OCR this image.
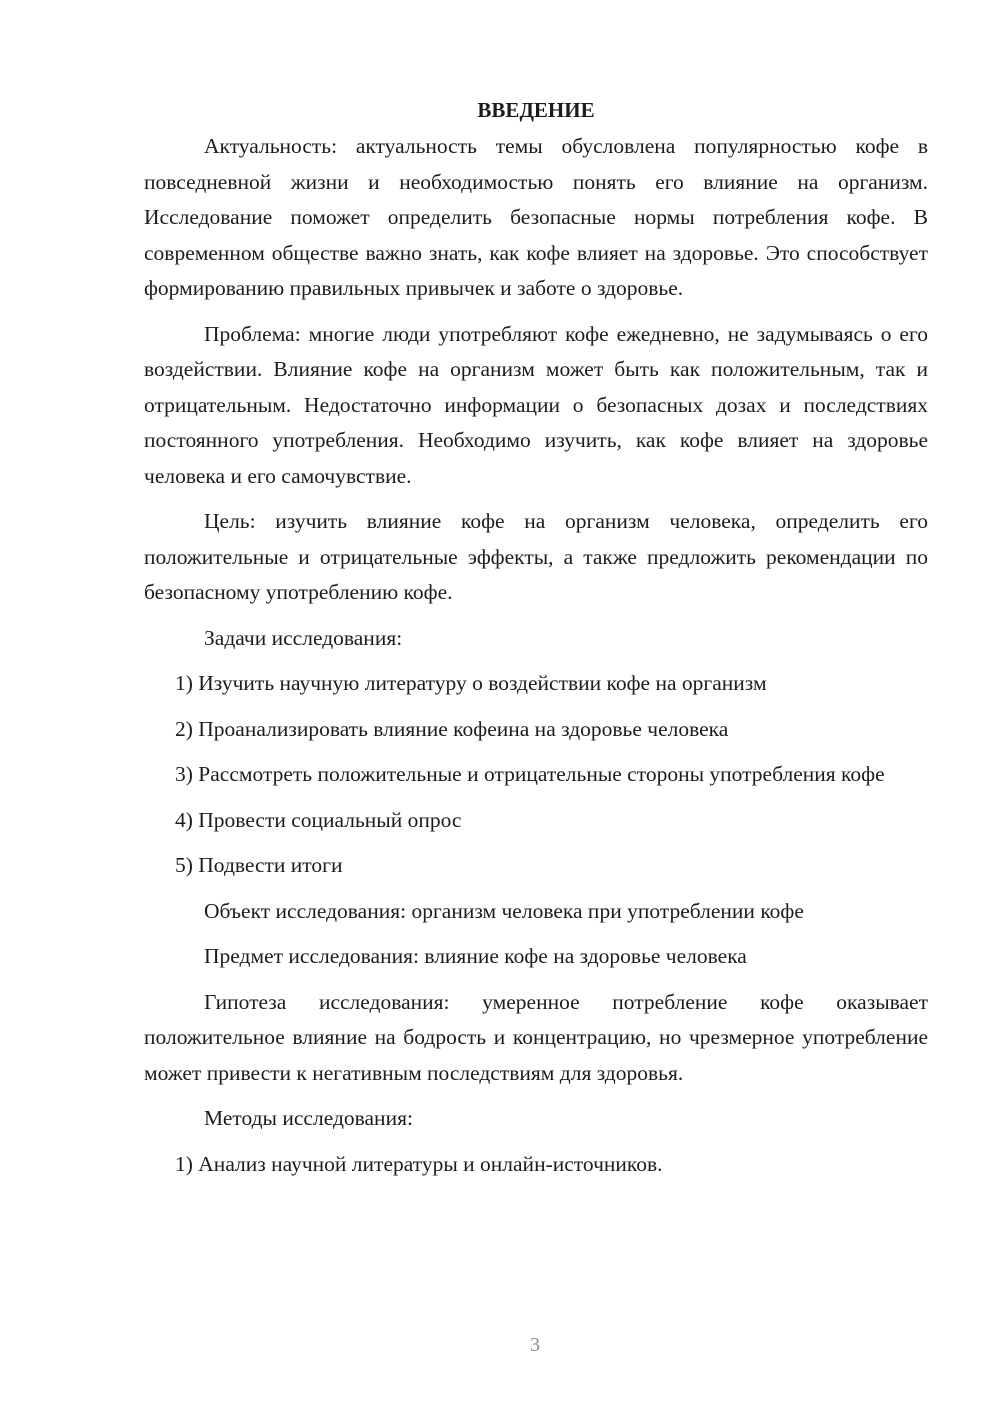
ВВЕДЕНИЕ

Актуальность: актуальность темы обусловлена популярностью кофе в повседневной жизни и необходимостью понять его влияние на организм. Исследование поможет определить безопасные нормы потребления кофе. В современном обществе важно знать, как кофе влияет на здоровье. Это способствует формированию правильных привычек и заботе о здоровье.

Проблема: многие люди употребляют кофе ежедневно, не задумываясь о его воздействии. Влияние кофе на организм может быть как положительным, так и отрицательным. Недостаточно информации о безопасных дозах и последствиях постоянного употребления. Необходимо изучить, как кофе влияет на здоровье человека и его самочувствие.

Цель: изучить влияние кофе на организм человека, определить его положительные и отрицательные эффекты, а также предложить рекомендации по безопасному употреблению кофе.

Задачи исследования:

1) Изучить научную литературу о воздействии кофе на организм

2) Проанализировать влияние кофеина на здоровье человека

3) Рассмотреть положительные и отрицательные стороны употребления кофе

4) Провести социальный опрос

5) Подвести итоги

Объект исследования: организм человека при употреблении кофе

Предмет исследования: влияние кофе на здоровье человека

Гипотеза исследования: умеренное потребление кофе оказывает положительное влияние на бодрость и концентрацию, но чрезмерное употребление может привести к негативным последствиям для здоровья.

Методы исследования:

1) Анализ научной литературы и онлайн-источников.

3
